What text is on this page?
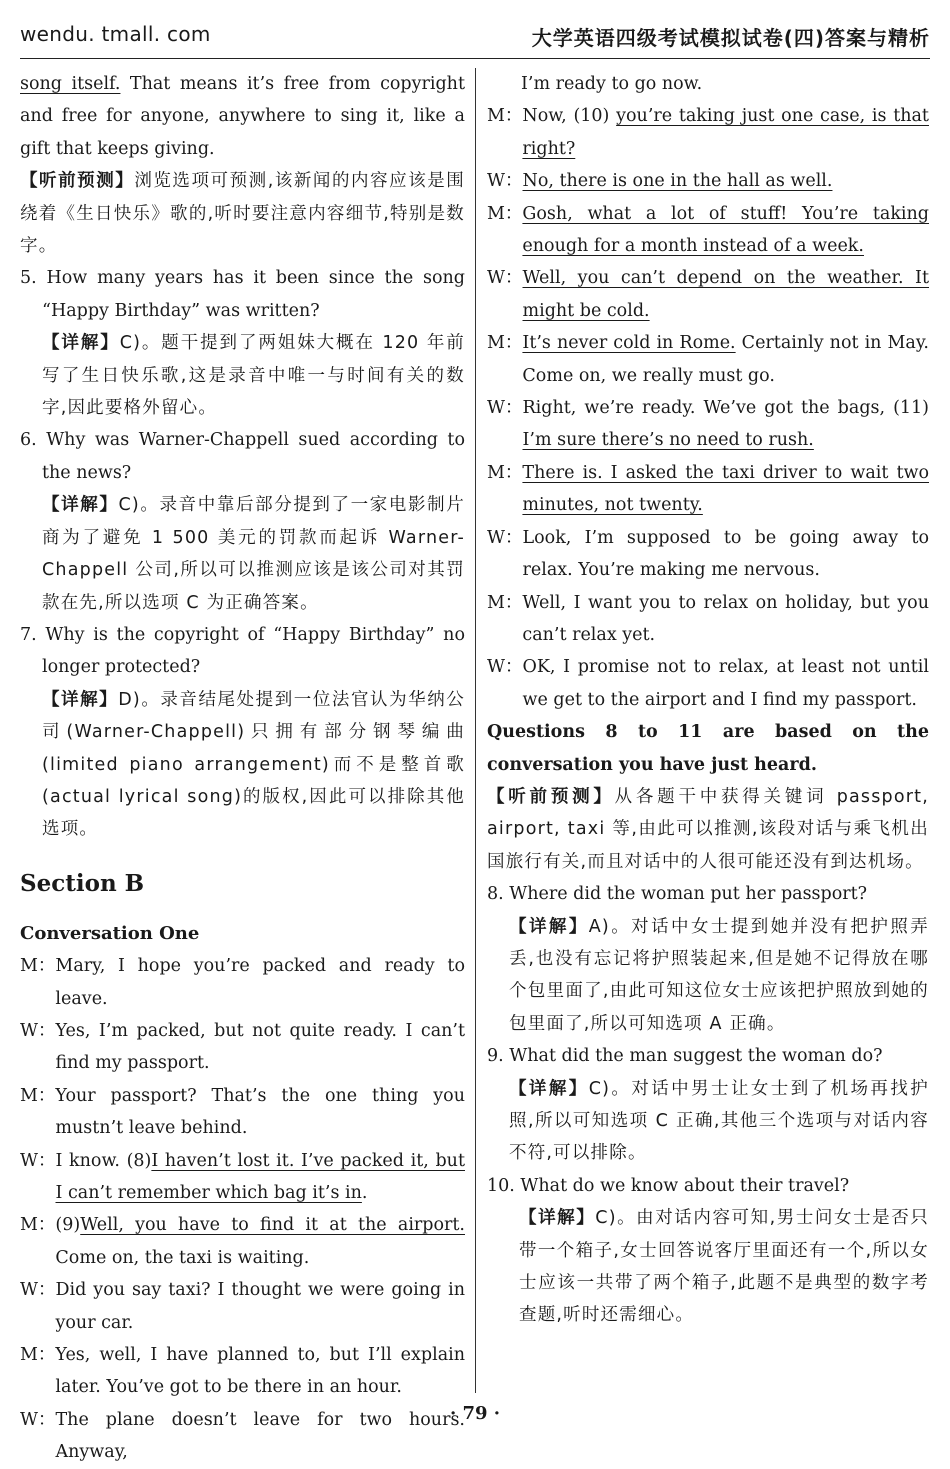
wendu. tmall. com	大学英语四级考试模拟试卷(四)答案与精析

song itself. That means it’s free from copyright and free for anyone, anywhere to sing it, like a gift that keeps giving.

【听前预测】浏览选项可预测,该新闻的内容应该是围绕着《生日快乐》歌的,听时要注意内容细节,特别是数字。

5. How many years has it been since the song “Happy Birthday” was written?

【详解】C)。题干提到了两姐妹大概在 120 年前写了生日快乐歌,这是录音中唯一与时间有关的数字,因此要格外留心。

6. Why was Warner-Chappell sued according to the news?

【详解】C)。录音中靠后部分提到了一家电影制片商为了避免 1 500 美元的罚款而起诉 Warner-Chappell 公司,所以可以推测应该是该公司对其罚款在先,所以选项 C 为正确答案。

7. Why is the copyright of “Happy Birthday” no longer protected?

【详解】D)。录音结尾处提到一位法官认为华纳公司(Warner-Chappell)只拥有部分钢琴编曲(limited piano arrangement)而不是整首歌(actual lyrical song)的版权,因此可以排除其他选项。

Section B

Conversation One

M： Mary, I hope you’re packed and ready to leave.
W： Yes, I’m packed, but not quite ready. I can’t find my passport.
M： Your passport? That’s the one thing you mustn’t leave behind.
W： I know. (8)I haven’t lost it. I’ve packed it, but I can’t remember which bag it’s in.
M： (9)Well, you have to find it at the airport. Come on, the taxi is waiting.
W： Did you say taxi? I thought we were going in your car.
M： Yes, well, I have planned to, but I’ll explain later. You’ve got to be there in an hour.
W： The plane doesn’t leave for two hours. Anyway,
I’m ready to go now.
M： Now, (10) you’re taking just one case, is that right?
W： No, there is one in the hall as well.
M： Gosh, what a lot of stuff! You’re taking enough for a month instead of a week.
W： Well, you can’t depend on the weather. It might be cold.
M： It’s never cold in Rome. Certainly not in May. Come on, we really must go.
W： Right, we’re ready. We’ve got the bags, (11) I’m sure there’s no need to rush.
M： There is. I asked the taxi driver to wait two minutes, not twenty.
W： Look, I’m supposed to be going away to relax. You’re making me nervous.
M： Well, I want you to relax on holiday, but you can’t relax yet.
W： OK, I promise not to relax, at least not until we get to the airport and I find my passport.

Questions 8 to 11 are based on the conversation you have just heard.

【听前预测】从各题干中获得关键词 passport, airport, taxi 等,由此可以推测,该段对话与乘飞机出国旅行有关,而且对话中的人很可能还没有到达机场。

8. Where did the woman put her passport?

【详解】A)。对话中女士提到她并没有把护照弄丢,也没有忘记将护照装起来,但是她不记得放在哪个包里面了,由此可知这位女士应该把护照放到她的包里面了,所以可知选项 A 正确。

9. What did the man suggest the woman do?

【详解】C)。对话中男士让女士到了机场再找护照,所以可知选项 C 正确,其他三个选项与对话内容不符,可以排除。

10. What do we know about their travel?

【详解】C)。由对话内容可知,男士问女士是否只带一个箱子,女士回答说客厅里面还有一个,所以女士应该一共带了两个箱子,此题不是典型的数字考查题,听时还需细心。

· 79 ·
